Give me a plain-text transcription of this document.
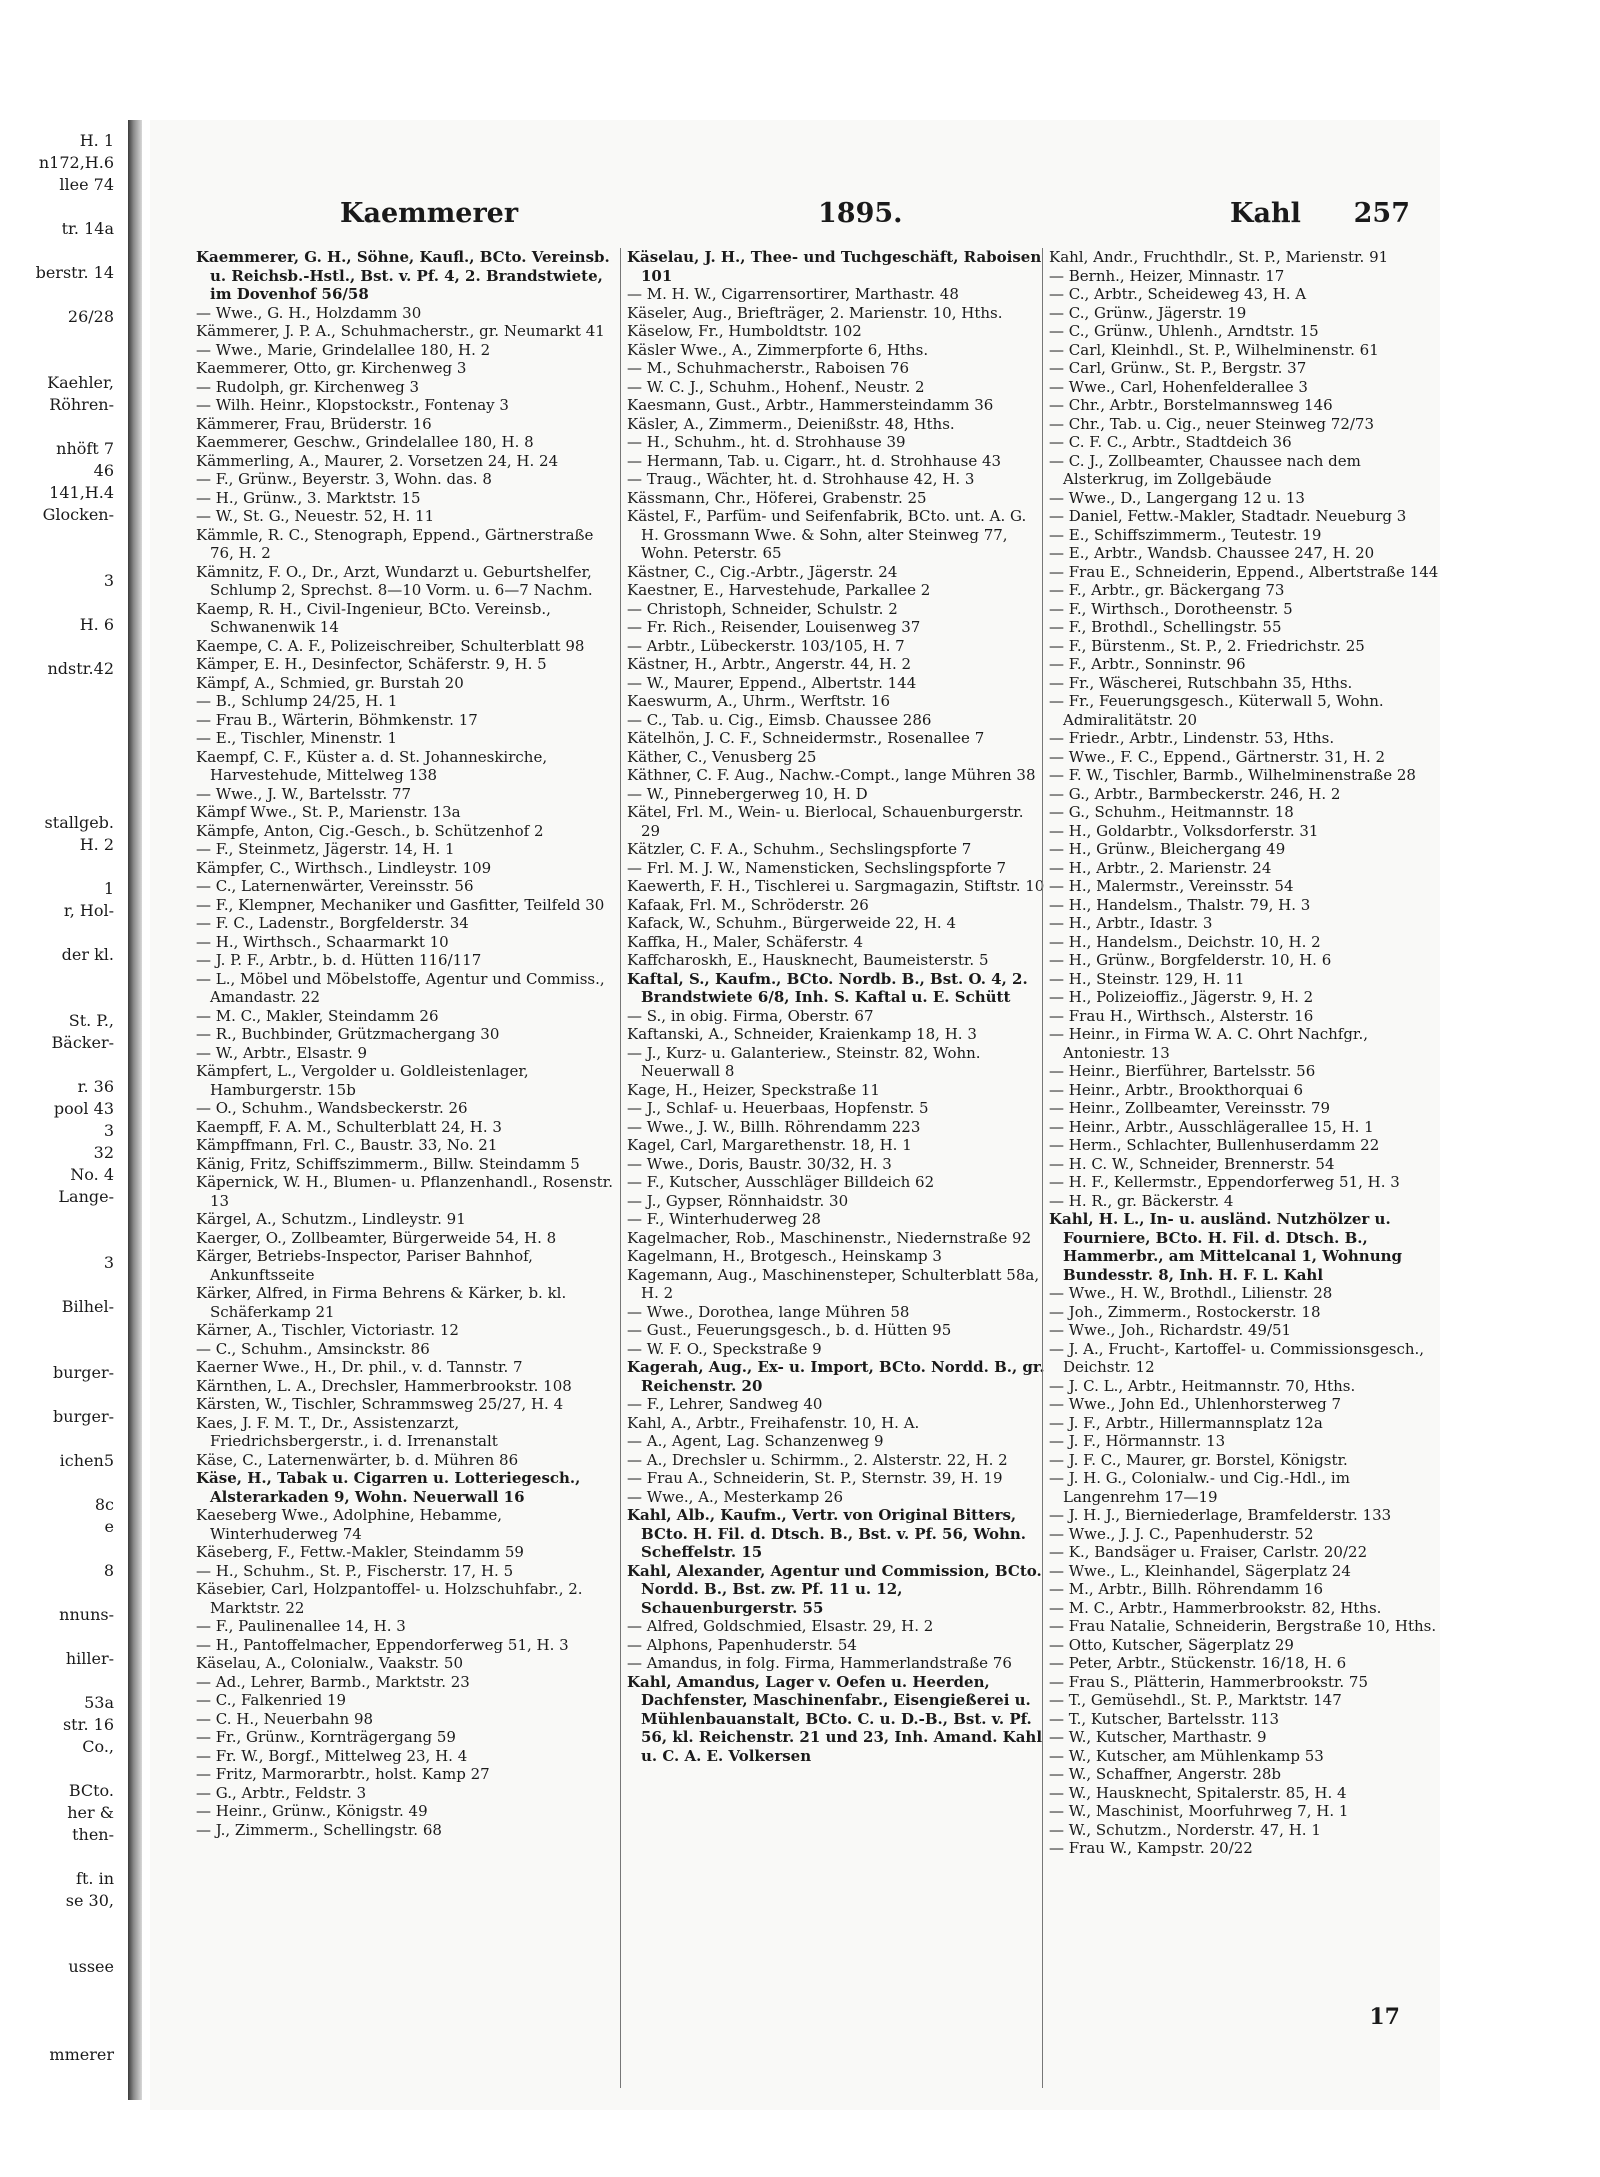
H. 1
n172,H.6
llee 74
tr. 14a
berstr. 14
26/28
Kaehler,
Röhren-
nhöft 7
46
141,H.4
Glocken-
3
H. 6
ndstr.42
stallgeb.
H. 2
1
r, Hol-
der kl.
St. P.,
Bäcker-
r. 36
pool 43
3
32
No. 4
Lange-
3
Bilhel-
burger-
burger-
ichen5
8c
e
8
nnuns-
hiller-
53a
str. 16
Co.,
BCto.
her &
then-
ft. in
se 30,
ussee
mmerer
Kaemmerer	1895.	Kahl 257

Kaemmerer, G. H., Söhne, Kaufl., BCto. Vereinsb. u. Reichsb.-Hstl., Bst. v. Pf. 4, 2. Brandstwiete, im Dovenhof 56/58

— Wwe., G. H., Holzdamm 30

Kämmerer, J. P. A., Schuhmacherstr., gr. Neumarkt 41

— Wwe., Marie, Grindelallee 180, H. 2

Kaemmerer, Otto, gr. Kirchenweg 3

— Rudolph, gr. Kirchenweg 3

— Wilh. Heinr., Klopstockstr., Fontenay 3

Kämmerer, Frau, Brüderstr. 16

Kaemmerer, Geschw., Grindelallee 180, H. 8

Kämmerling, A., Maurer, 2. Vorsetzen 24, H. 24

— F., Grünw., Beyerstr. 3, Wohn. das. 8

— H., Grünw., 3. Marktstr. 15

— W., St. G., Neuestr. 52, H. 11

Kämmle, R. C., Stenograph, Eppend., Gärtnerstraße 76, H. 2

Kämnitz, F. O., Dr., Arzt, Wundarzt u. Geburtshelfer, Schlump 2, Sprechst. 8—10 Vorm. u. 6—7 Nachm.

Kaemp, R. H., Civil-Ingenieur, BCto. Vereinsb., Schwanenwik 14

Kaempe, C. A. F., Polizeischreiber, Schulterblatt 98

Kämper, E. H., Desinfector, Schäferstr. 9, H. 5

Kämpf, A., Schmied, gr. Burstah 20

— B., Schlump 24/25, H. 1

— Frau B., Wärterin, Böhmkenstr. 17

— E., Tischler, Minenstr. 1

Kaempf, C. F., Küster a. d. St. Johanneskirche, Harvestehude, Mittelweg 138

— Wwe., J. W., Bartelsstr. 77

Kämpf Wwe., St. P., Marienstr. 13a

Kämpfe, Anton, Cig.-Gesch., b. Schützenhof 2

— F., Steinmetz, Jägerstr. 14, H. 1

Kämpfer, C., Wirthsch., Lindleystr. 109

— C., Laternenwärter, Vereinsstr. 56

— F., Klempner, Mechaniker und Gasfitter, Teilfeld 30

— F. C., Ladenstr., Borgfelderstr. 34

— H., Wirthsch., Schaarmarkt 10

— J. P. F., Arbtr., b. d. Hütten 116/117

— L., Möbel und Möbelstoffe, Agentur und Commiss., Amandastr. 22

— M. C., Makler, Steindamm 26

— R., Buchbinder, Grützmachergang 30

— W., Arbtr., Elsastr. 9

Kämpfert, L., Vergolder u. Goldleistenlager, Hamburgerstr. 15b

— O., Schuhm., Wandsbeckerstr. 26

Kaempff, F. A. M., Schulterblatt 24, H. 3

Kämpffmann, Frl. C., Baustr. 33, No. 21

Känig, Fritz, Schiffszimmerm., Billw. Steindamm 5

Käpernick, W. H., Blumen- u. Pflanzenhandl., Rosenstr. 13

Kärgel, A., Schutzm., Lindleystr. 91

Kaerger, O., Zollbeamter, Bürgerweide 54, H. 8

Kärger, Betriebs-Inspector, Pariser Bahnhof, Ankunftsseite

Kärker, Alfred, in Firma Behrens & Kärker, b. kl. Schäferkamp 21

Kärner, A., Tischler, Victoriastr. 12

— C., Schuhm., Amsinckstr. 86

Kaerner Wwe., H., Dr. phil., v. d. Tannstr. 7

Kärnthen, L. A., Drechsler, Hammerbrookstr. 108

Kärsten, W., Tischler, Schrammsweg 25/27, H. 4

Kaes, J. F. M. T., Dr., Assistenzarzt, Friedrichsbergerstr., i. d. Irrenanstalt

Käse, C., Laternenwärter, b. d. Mühren 86

Käse, H., Tabak u. Cigarren u. Lotteriegesch., Alsterarkaden 9, Wohn. Neuerwall 16

Kaeseberg Wwe., Adolphine, Hebamme, Winterhuderweg 74

Käseberg, F., Fettw.-Makler, Steindamm 59

— H., Schuhm., St. P., Fischerstr. 17, H. 5

Käsebier, Carl, Holzpantoffel- u. Holzschuhfabr., 2. Marktstr. 22

— F., Paulinenallee 14, H. 3

— H., Pantoffelmacher, Eppendorferweg 51, H. 3

Käselau, A., Colonialw., Vaakstr. 50

— Ad., Lehrer, Barmb., Marktstr. 23

— C., Falkenried 19

— C. H., Neuerbahn 98

— Fr., Grünw., Kornträgergang 59

— Fr. W., Borgf., Mittelweg 23, H. 4

— Fritz, Marmorarbtr., holst. Kamp 27

— G., Arbtr., Feldstr. 3

— Heinr., Grünw., Königstr. 49

— J., Zimmerm., Schellingstr. 68

Käselau, J. H., Thee- und Tuchgeschäft, Raboisen 101

— M. H. W., Cigarrensortirer, Marthastr. 48

Käseler, Aug., Briefträger, 2. Marienstr. 10, Hths.

Käselow, Fr., Humboldtstr. 102

Käsler Wwe., A., Zimmerpforte 6, Hths.

— M., Schuhmacherstr., Raboisen 76

— W. C. J., Schuhm., Hohenf., Neustr. 2

Kaesmann, Gust., Arbtr., Hammersteindamm 36

Käsler, A., Zimmerm., Deienißstr. 48, Hths.

— H., Schuhm., ht. d. Strohhause 39

— Hermann, Tab. u. Cigarr., ht. d. Strohhause 43

— Traug., Wächter, ht. d. Strohhause 42, H. 3

Kässmann, Chr., Höferei, Grabenstr. 25

Kästel, F., Parfüm- und Seifenfabrik, BCto. unt. A. G. H. Grossmann Wwe. & Sohn, alter Steinweg 77, Wohn. Peterstr. 65

Kästner, C., Cig.-Arbtr., Jägerstr. 24

Kaestner, E., Harvestehude, Parkallee 2

— Christoph, Schneider, Schulstr. 2

— Fr. Rich., Reisender, Louisenweg 37

— Arbtr., Lübeckerstr. 103/105, H. 7

Kästner, H., Arbtr., Angerstr. 44, H. 2

— W., Maurer, Eppend., Albertstr. 144

Kaeswurm, A., Uhrm., Werftstr. 16

— C., Tab. u. Cig., Eimsb. Chaussee 286

Kätelhön, J. C. F., Schneidermstr., Rosenallee 7

Käther, C., Venusberg 25

Käthner, C. F. Aug., Nachw.-Compt., lange Mühren 38

— W., Pinnebergerweg 10, H. D

Kätel, Frl. M., Wein- u. Bierlocal, Schauenburgerstr. 29

Kätzler, C. F. A., Schuhm., Sechslingspforte 7

— Frl. M. J. W., Namensticken, Sechslingspforte 7

Kaewerth, F. H., Tischlerei u. Sargmagazin, Stiftstr. 10

Kafaak, Frl. M., Schröderstr. 26

Kafack, W., Schuhm., Bürgerweide 22, H. 4

Kaffka, H., Maler, Schäferstr. 4

Kaffcharoskh, E., Hausknecht, Baumeisterstr. 5

Kaftal, S., Kaufm., BCto. Nordb. B., Bst. O. 4, 2. Brandstwiete 6/8, Inh. S. Kaftal u. E. Schütt

— S., in obig. Firma, Oberstr. 67

Kaftanski, A., Schneider, Kraienkamp 18, H. 3

— J., Kurz- u. Galanteriew., Steinstr. 82, Wohn. Neuerwall 8

Kage, H., Heizer, Speckstraße 11

— J., Schlaf- u. Heuerbaas, Hopfenstr. 5

— Wwe., J. W., Billh. Röhrendamm 223

Kagel, Carl, Margarethenstr. 18, H. 1

— Wwe., Doris, Baustr. 30/32, H. 3

— F., Kutscher, Ausschläger Billdeich 62

— J., Gypser, Rönnhaidstr. 30

— F., Winterhuderweg 28

Kagelmacher, Rob., Maschinenstr., Niedernstraße 92

Kagelmann, H., Brotgesch., Heinskamp 3

Kagemann, Aug., Maschinensteper, Schulterblatt 58a, H. 2

— Wwe., Dorothea, lange Mühren 58

— Gust., Feuerungsgesch., b. d. Hütten 95

— W. F. O., Speckstraße 9

Kagerah, Aug., Ex- u. Import, BCto. Nordd. B., gr. Reichenstr. 20

— F., Lehrer, Sandweg 40

Kahl, A., Arbtr., Freihafenstr. 10, H. A.

— A., Agent, Lag. Schanzenweg 9

— A., Drechsler u. Schirmm., 2. Alsterstr. 22, H. 2

— Frau A., Schneiderin, St. P., Sternstr. 39, H. 19

— Wwe., A., Mesterkamp 26

Kahl, Alb., Kaufm., Vertr. von Original Bitters, BCto. H. Fil. d. Dtsch. B., Bst. v. Pf. 56, Wohn. Scheffelstr. 15

Kahl, Alexander, Agentur und Commission, BCto. Nordd. B., Bst. zw. Pf. 11 u. 12, Schauenburgerstr. 55

— Alfred, Goldschmied, Elsastr. 29, H. 2

— Alphons, Papenhuderstr. 54

— Amandus, in folg. Firma, Hammerlandstraße 76

Kahl, Amandus, Lager v. Oefen u. Heerden, Dachfenster, Maschinenfabr., Eisengießerei u. Mühlenbauanstalt, BCto. C. u. D.-B., Bst. v. Pf. 56, kl. Reichenstr. 21 und 23, Inh. Amand. Kahl u. C. A. E. Volkersen

Kahl, Andr., Fruchthdlr., St. P., Marienstr. 91

— Bernh., Heizer, Minnastr. 17

— C., Arbtr., Scheideweg 43, H. A

— C., Grünw., Jägerstr. 19

— C., Grünw., Uhlenh., Arndtstr. 15

— Carl, Kleinhdl., St. P., Wilhelminenstr. 61

— Carl, Grünw., St. P., Bergstr. 37

— Wwe., Carl, Hohenfelderallee 3

— Chr., Arbtr., Borstelmannsweg 146

— Chr., Tab. u. Cig., neuer Steinweg 72/73

— C. F. C., Arbtr., Stadtdeich 36

— C. J., Zollbeamter, Chaussee nach dem Alsterkrug, im Zollgebäude

— Wwe., D., Langergang 12 u. 13

— Daniel, Fettw.-Makler, Stadtadr. Neueburg 3

— E., Schiffszimmerm., Teutestr. 19

— E., Arbtr., Wandsb. Chaussee 247, H. 20

— Frau E., Schneiderin, Eppend., Albertstraße 144

— F., Arbtr., gr. Bäckergang 73

— F., Wirthsch., Dorotheenstr. 5

— F., Brothdl., Schellingstr. 55

— F., Bürstenm., St. P., 2. Friedrichstr. 25

— F., Arbtr., Sonninstr. 96

— Fr., Wäscherei, Rutschbahn 35, Hths.

— Fr., Feuerungsgesch., Küterwall 5, Wohn. Admiralitätstr. 20

— Friedr., Arbtr., Lindenstr. 53, Hths.

— Wwe., F. C., Eppend., Gärtnerstr. 31, H. 2

— F. W., Tischler, Barmb., Wilhelminenstraße 28

— G., Arbtr., Barmbeckerstr. 246, H. 2

— G., Schuhm., Heitmannstr. 18

— H., Goldarbtr., Volksdorferstr. 31

— H., Grünw., Bleichergang 49

— H., Arbtr., 2. Marienstr. 24

— H., Malermstr., Vereinsstr. 54

— H., Handelsm., Thalstr. 79, H. 3

— H., Arbtr., Idastr. 3

— H., Handelsm., Deichstr. 10, H. 2

— H., Grünw., Borgfelderstr. 10, H. 6

— H., Steinstr. 129, H. 11

— H., Polizeioffiz., Jägerstr. 9, H. 2

— Frau H., Wirthsch., Alsterstr. 16

— Heinr., in Firma W. A. C. Ohrt Nachfgr., Antoniestr. 13

— Heinr., Bierführer, Bartelsstr. 56

— Heinr., Arbtr., Brookthorquai 6

— Heinr., Zollbeamter, Vereinsstr. 79

— Heinr., Arbtr., Ausschlägerallee 15, H. 1

— Herm., Schlachter, Bullenhuserdamm 22

— H. C. W., Schneider, Brennerstr. 54

— H. F., Kellermstr., Eppendorferweg 51, H. 3

— H. R., gr. Bäckerstr. 4

Kahl, H. L., In- u. ausländ. Nutzhölzer u. Fourniere, BCto. H. Fil. d. Dtsch. B., Hammerbr., am Mittelcanal 1, Wohnung Bundesstr. 8, Inh. H. F. L. Kahl

— Wwe., H. W., Brothdl., Lilienstr. 28

— Joh., Zimmerm., Rostockerstr. 18

— Wwe., Joh., Richardstr. 49/51

— J. A., Frucht-, Kartoffel- u. Commissionsgesch., Deichstr. 12

— J. C. L., Arbtr., Heitmannstr. 70, Hths.

— Wwe., John Ed., Uhlenhorsterweg 7

— J. F., Arbtr., Hillermannsplatz 12a

— J. F., Hörmannstr. 13

— J. F. C., Maurer, gr. Borstel, Königstr.

— J. H. G., Colonialw.- und Cig.-Hdl., im Langenrehm 17—19

— J. H. J., Bierniederlage, Bramfelderstr. 133

— Wwe., J. J. C., Papenhuderstr. 52

— K., Bandsäger u. Fraiser, Carlstr. 20/22

— Wwe., L., Kleinhandel, Sägerplatz 24

— M., Arbtr., Billh. Röhrendamm 16

— M. C., Arbtr., Hammerbrookstr. 82, Hths.

— Frau Natalie, Schneiderin, Bergstraße 10, Hths.

— Otto, Kutscher, Sägerplatz 29

— Peter, Arbtr., Stückenstr. 16/18, H. 6

— Frau S., Plätterin, Hammerbrookstr. 75

— T., Gemüsehdl., St. P., Marktstr. 147

— T., Kutscher, Bartelsstr. 113

— W., Kutscher, Marthastr. 9

— W., Kutscher, am Mühlenkamp 53

— W., Schaffner, Angerstr. 28b

— W., Hausknecht, Spitalerstr. 85, H. 4

— W., Maschinist, Moorfuhrweg 7, H. 1

— W., Schutzm., Norderstr. 47, H. 1

— Frau W., Kampstr. 20/22

17
